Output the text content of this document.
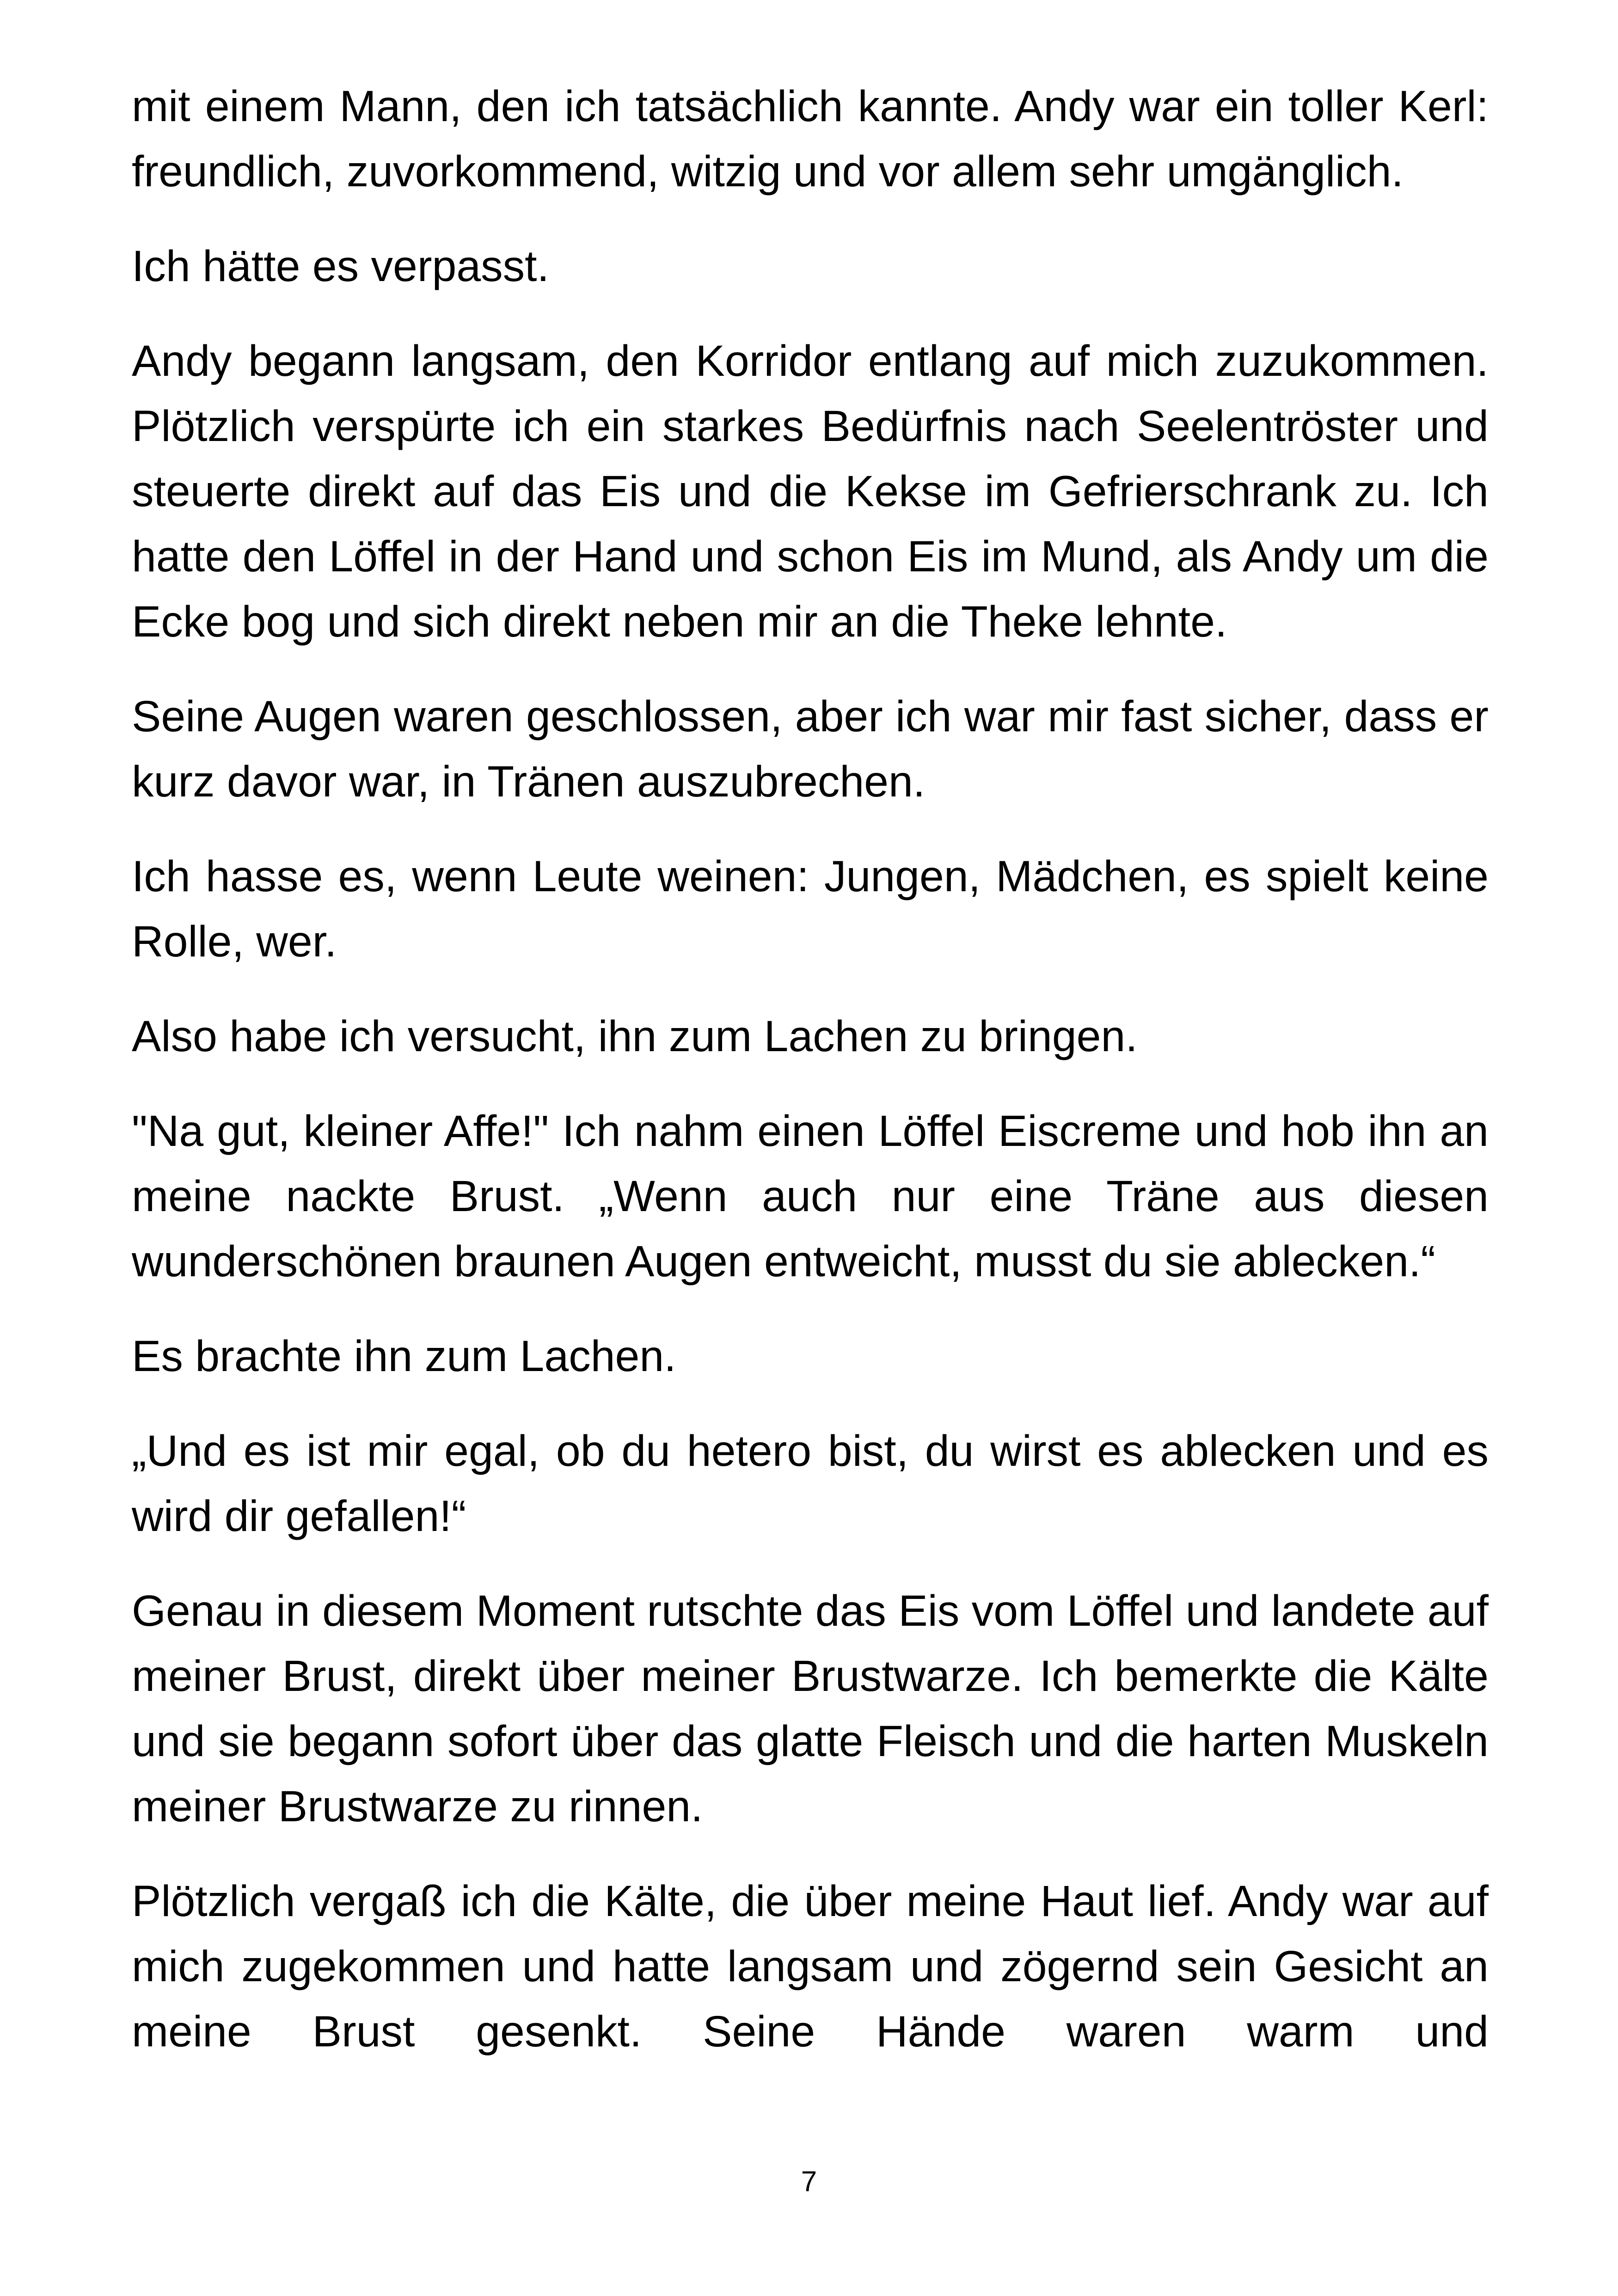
mit einem Mann, den ich tatsächlich kannte. Andy war ein toller Kerl: freundlich, zuvorkommend, witzig und vor allem sehr umgänglich.

Ich hätte es verpasst.

Andy begann langsam, den Korridor entlang auf mich zuzukommen. Plötzlich verspürte ich ein starkes Bedürfnis nach Seelentröster und steuerte direkt auf das Eis und die Kekse im Gefrierschrank zu. Ich hatte den Löffel in der Hand und schon Eis im Mund, als Andy um die Ecke bog und sich direkt neben mir an die Theke lehnte.

Seine Augen waren geschlossen, aber ich war mir fast sicher, dass er kurz davor war, in Tränen auszubrechen.

Ich hasse es, wenn Leute weinen: Jungen, Mädchen, es spielt keine Rolle, wer.

Also habe ich versucht, ihn zum Lachen zu bringen.

"Na gut, kleiner Affe!" Ich nahm einen Löffel Eiscreme und hob ihn an meine nackte Brust. „Wenn auch nur eine Träne aus diesen wunderschönen braunen Augen entweicht, musst du sie ablecken.“

Es brachte ihn zum Lachen.

„Und es ist mir egal, ob du hetero bist, du wirst es ablecken und es wird dir gefallen!“

Genau in diesem Moment rutschte das Eis vom Löffel und landete auf meiner Brust, direkt über meiner Brustwarze. Ich bemerkte die Kälte und sie begann sofort über das glatte Fleisch und die harten Muskeln meiner Brustwarze zu rinnen.

Plötzlich vergaß ich die Kälte, die über meine Haut lief. Andy war auf mich zugekommen und hatte langsam und zögernd sein Gesicht an meine Brust gesenkt. Seine Hände waren warm und

7
